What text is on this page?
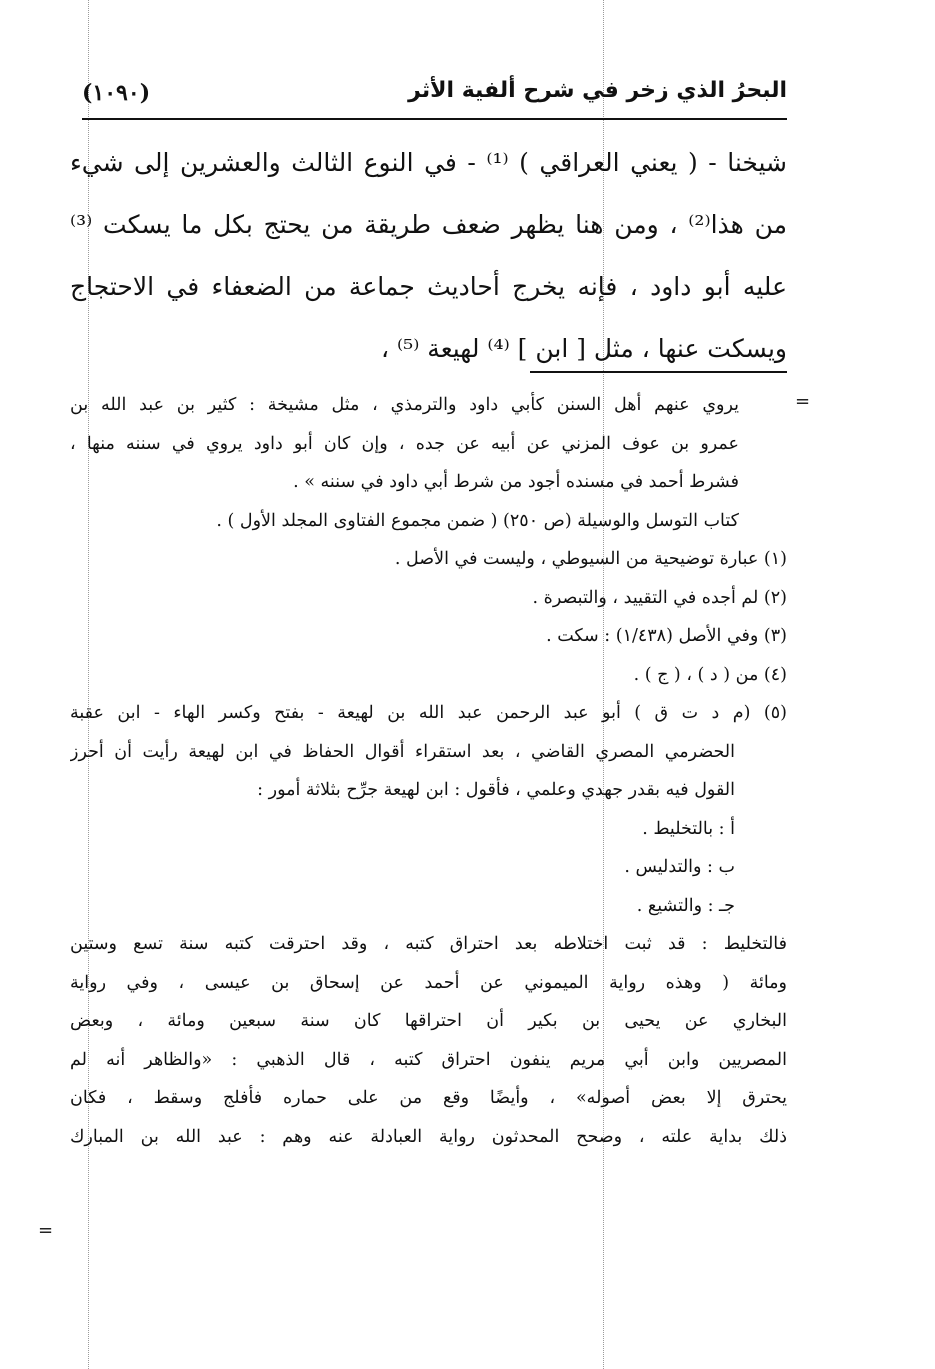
البحرُ الذي زخر في شرح ألفية الأثر
(١٠٩٠)

شيخنا - ( يعني العراقي ) ⁽¹⁾ - في النوع الثالث والعشرين إلى شيء من هذا⁽²⁾ ، ومن هنا يظهر ضعف طريقة من يحتج بكل ما يسكت ⁽³⁾ عليه أبو داود ، فإنه يخرج أحاديث جماعة من الضعفاء في الاحتجاج ويسكت عنها ، مثل [ ابن ] ⁽⁴⁾ لهيعة ⁽⁵⁾ ،

يروي عنهم أهل السنن كأبي داود والترمذي ، مثل مشيخة : كثير بن عبد الله بن
عمرو بن عوف المزني عن أبيه عن جده ، وإن كان أبو داود يروي في سننه منها ،
فشرط أحمد في مسنده أجود من شرط أبي داود في سننه » .
كتاب التوسل والوسيلة (ص ٢٥٠) ( ضمن مجموع الفتاوى المجلد الأول ) .
(١) عبارة توضيحية من السيوطي ، وليست في الأصل .
(٢) لم أجده في التقييد ، والتبصرة .
(٣) وفي الأصل (١/٤٣٨) : سكت .
(٤) من ( د ) ، ( ج ) .
(٥) (م د ت ق ) أبو عبد الرحمن عبد الله بن لهيعة - بفتح وكسر الهاء - ابن عقبة
الحضرمي المصري القاضي ، بعد استقراء أقوال الحفاظ في ابن لهيعة رأيت أن أحرز
القول فيه بقدر جهدي وعلمي ، فأقول : ابن لهيعة جرِّح بثلاثة أمور :
أ : بالتخليط .
ب : والتدليس .
جـ : والتشيع .
فالتخليط : قد ثبت اختلاطه بعد احتراق كتبه ، وقد احترقت كتبه سنة تسع وستين
ومائة ( وهذه رواية الميموني عن أحمد عن إسحاق بن عيسى ، وفي رواية
البخاري عن يحيى بن بكير أن احتراقها كان سنة سبعين ومائة ، وبعض
المصريين وابن أبي مريم ينفون احتراق كتبه ، قال الذهبي : «والظاهر أنه لم
يحترق إلا بعض أصوله» ، وأيضًا وقع من على حماره فأفلج وسقط ، فكان
ذلك بداية علته ، وصحح المحدثون رواية العبادلة عنه وهم : عبد الله بن المبارك
=
=
